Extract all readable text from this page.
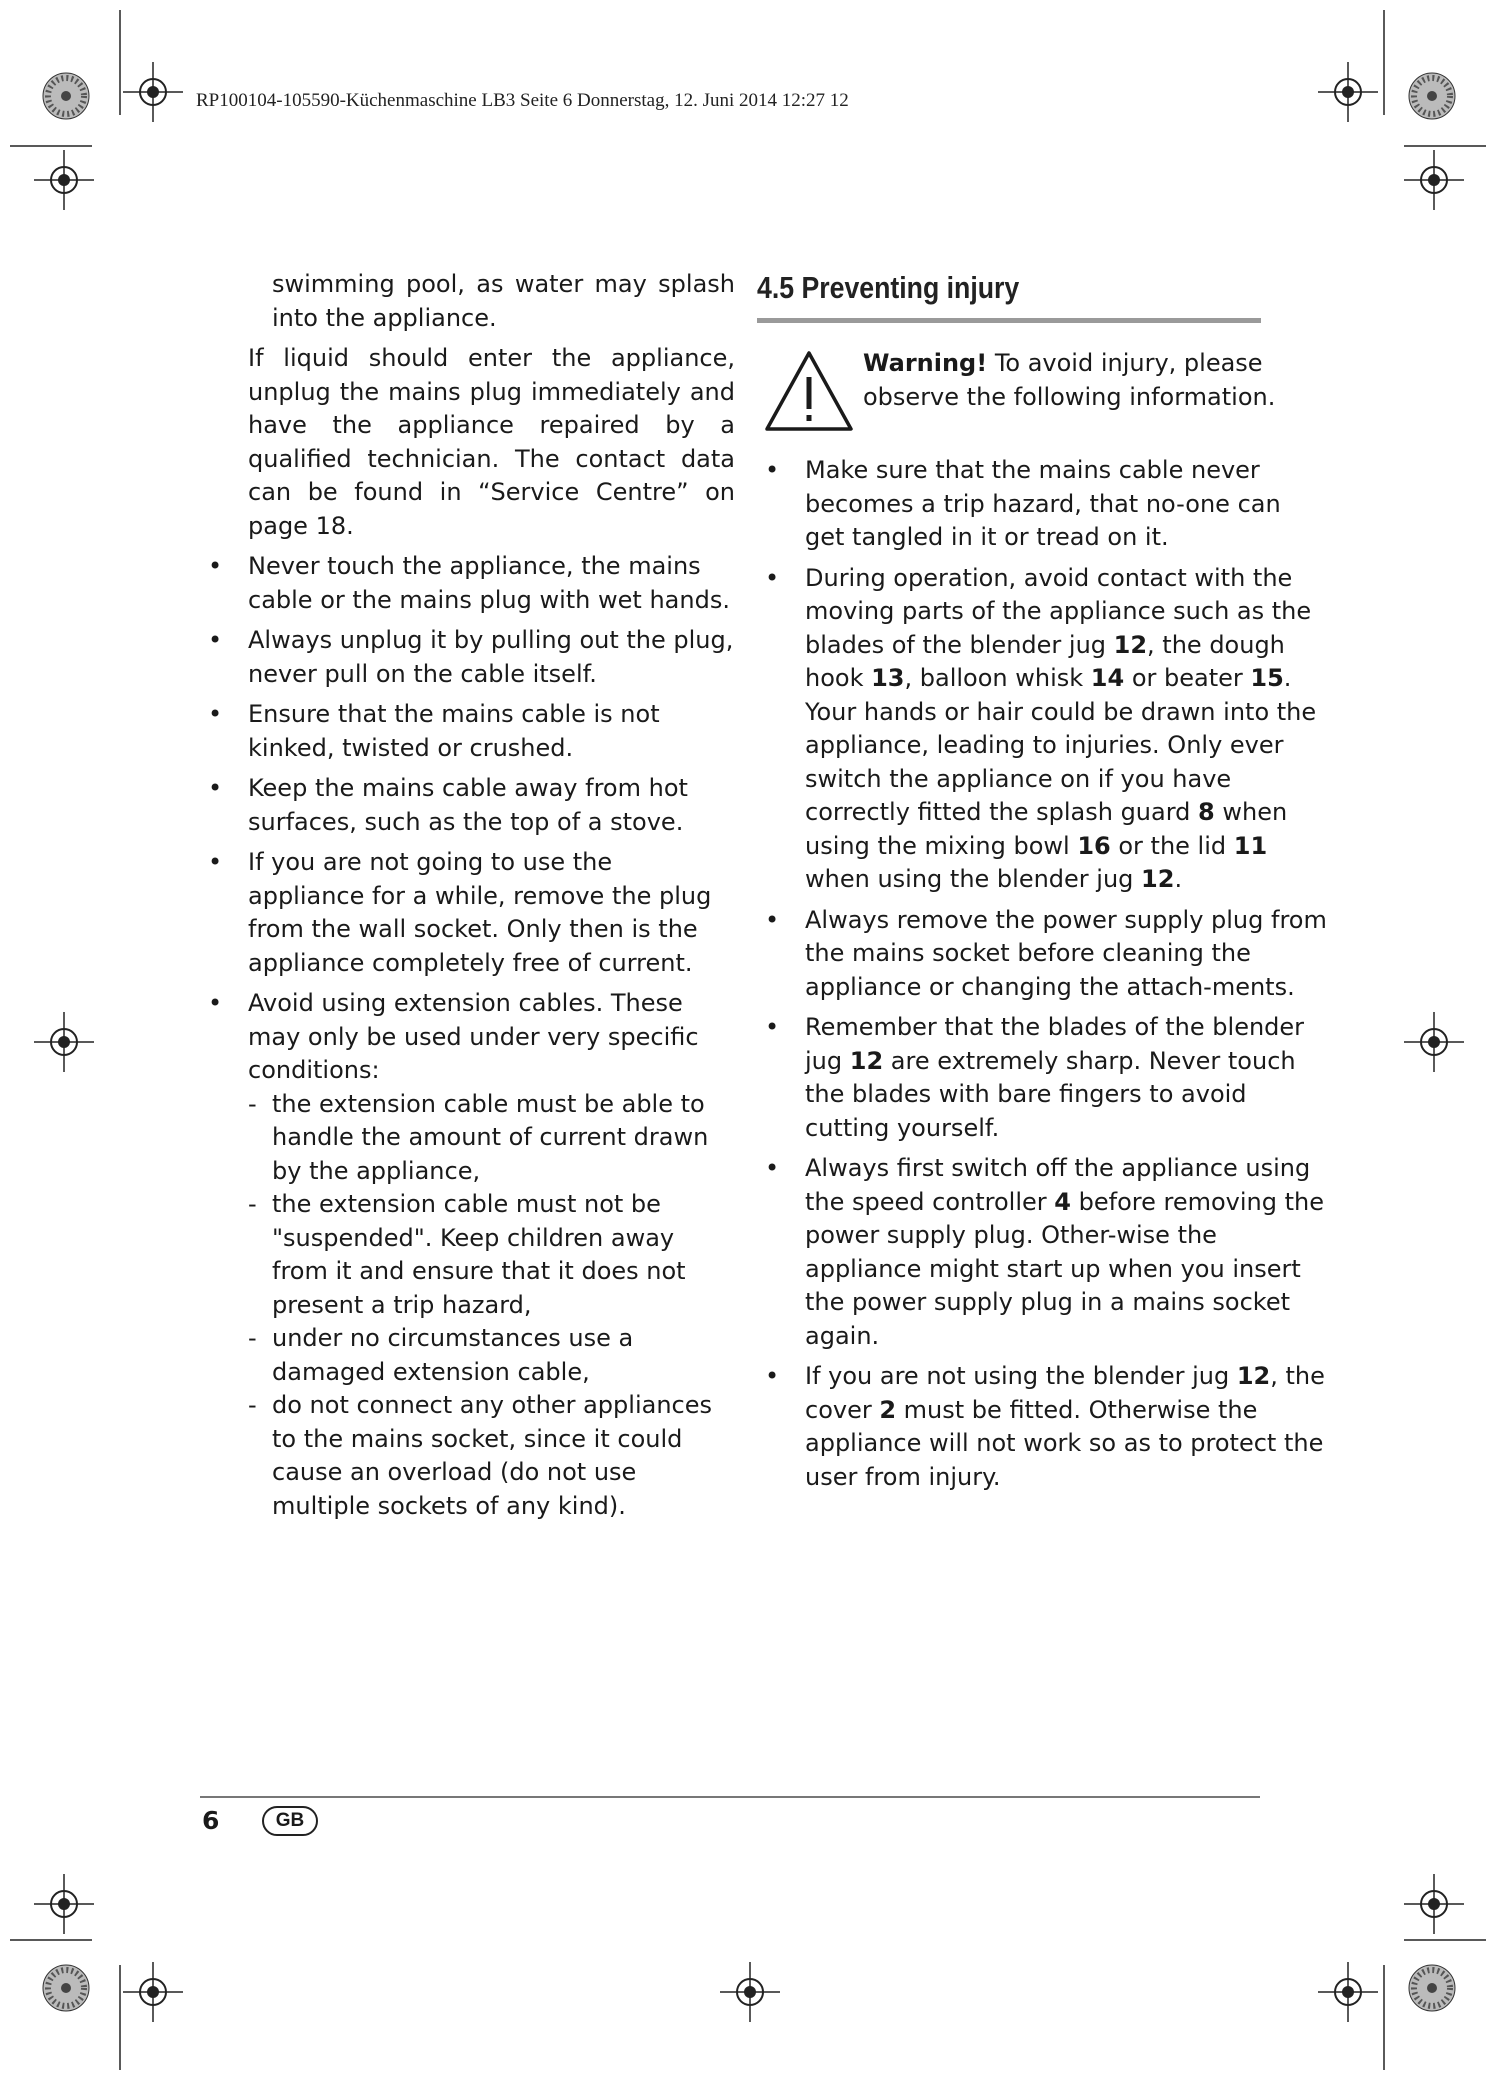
RP100104-105590-Küchenmaschine LB3 Seite 6 Donnerstag, 12. Juni 2014 12:27 12

swimming pool, as water may splash into the appliance.

If liquid should enter the appliance, unplug the mains plug immediately and have the appliance repaired by a qualified technician. The contact data can be found in “Service Centre” on page 18.

• Never touch the appliance, the mains cable or the mains plug with wet hands.

• Always unplug it by pulling out the plug, never pull on the cable itself.

• Ensure that the mains cable is not kinked, twisted or crushed.

• Keep the mains cable away from hot surfaces, such as the top of a stove.

• If you are not going to use the appliance for a while, remove the plug from the wall socket. Only then is the appliance completely free of current.

• Avoid using extension cables. These may only be used under very specific conditions:

- the extension cable must be able to handle the amount of current drawn by the appliance,

- the extension cable must not be "suspended". Keep children away from it and ensure that it does not present a trip hazard,

- under no circumstances use a damaged extension cable,

- do not connect any other appliances to the mains socket, since it could cause an overload (do not use multiple sockets of any kind).

4.5 Preventing injury

Warning! To avoid injury, please observe the following information.

• Make sure that the mains cable never becomes a trip hazard, that no-one can get tangled in it or tread on it.

• During operation, avoid contact with the moving parts of the appliance such as the blades of the blender jug 12, the dough hook 13, balloon whisk 14 or beater 15. Your hands or hair could be drawn into the appliance, leading to injuries. Only ever switch the appliance on if you have correctly fitted the splash guard 8 when using the mixing bowl 16 or the lid 11 when using the blender jug 12.

• Always remove the power supply plug from the mains socket before cleaning the appliance or changing the attach-ments.

• Remember that the blades of the blender jug 12 are extremely sharp. Never touch the blades with bare fingers to avoid cutting yourself.

• Always first switch off the appliance using the speed controller 4 before removing the power supply plug. Other-wise the appliance might start up when you insert the power supply plug in a mains socket again.

• If you are not using the blender jug 12, the cover 2 must be fitted. Otherwise the appliance will not work so as to protect the user from injury.

6	GB
